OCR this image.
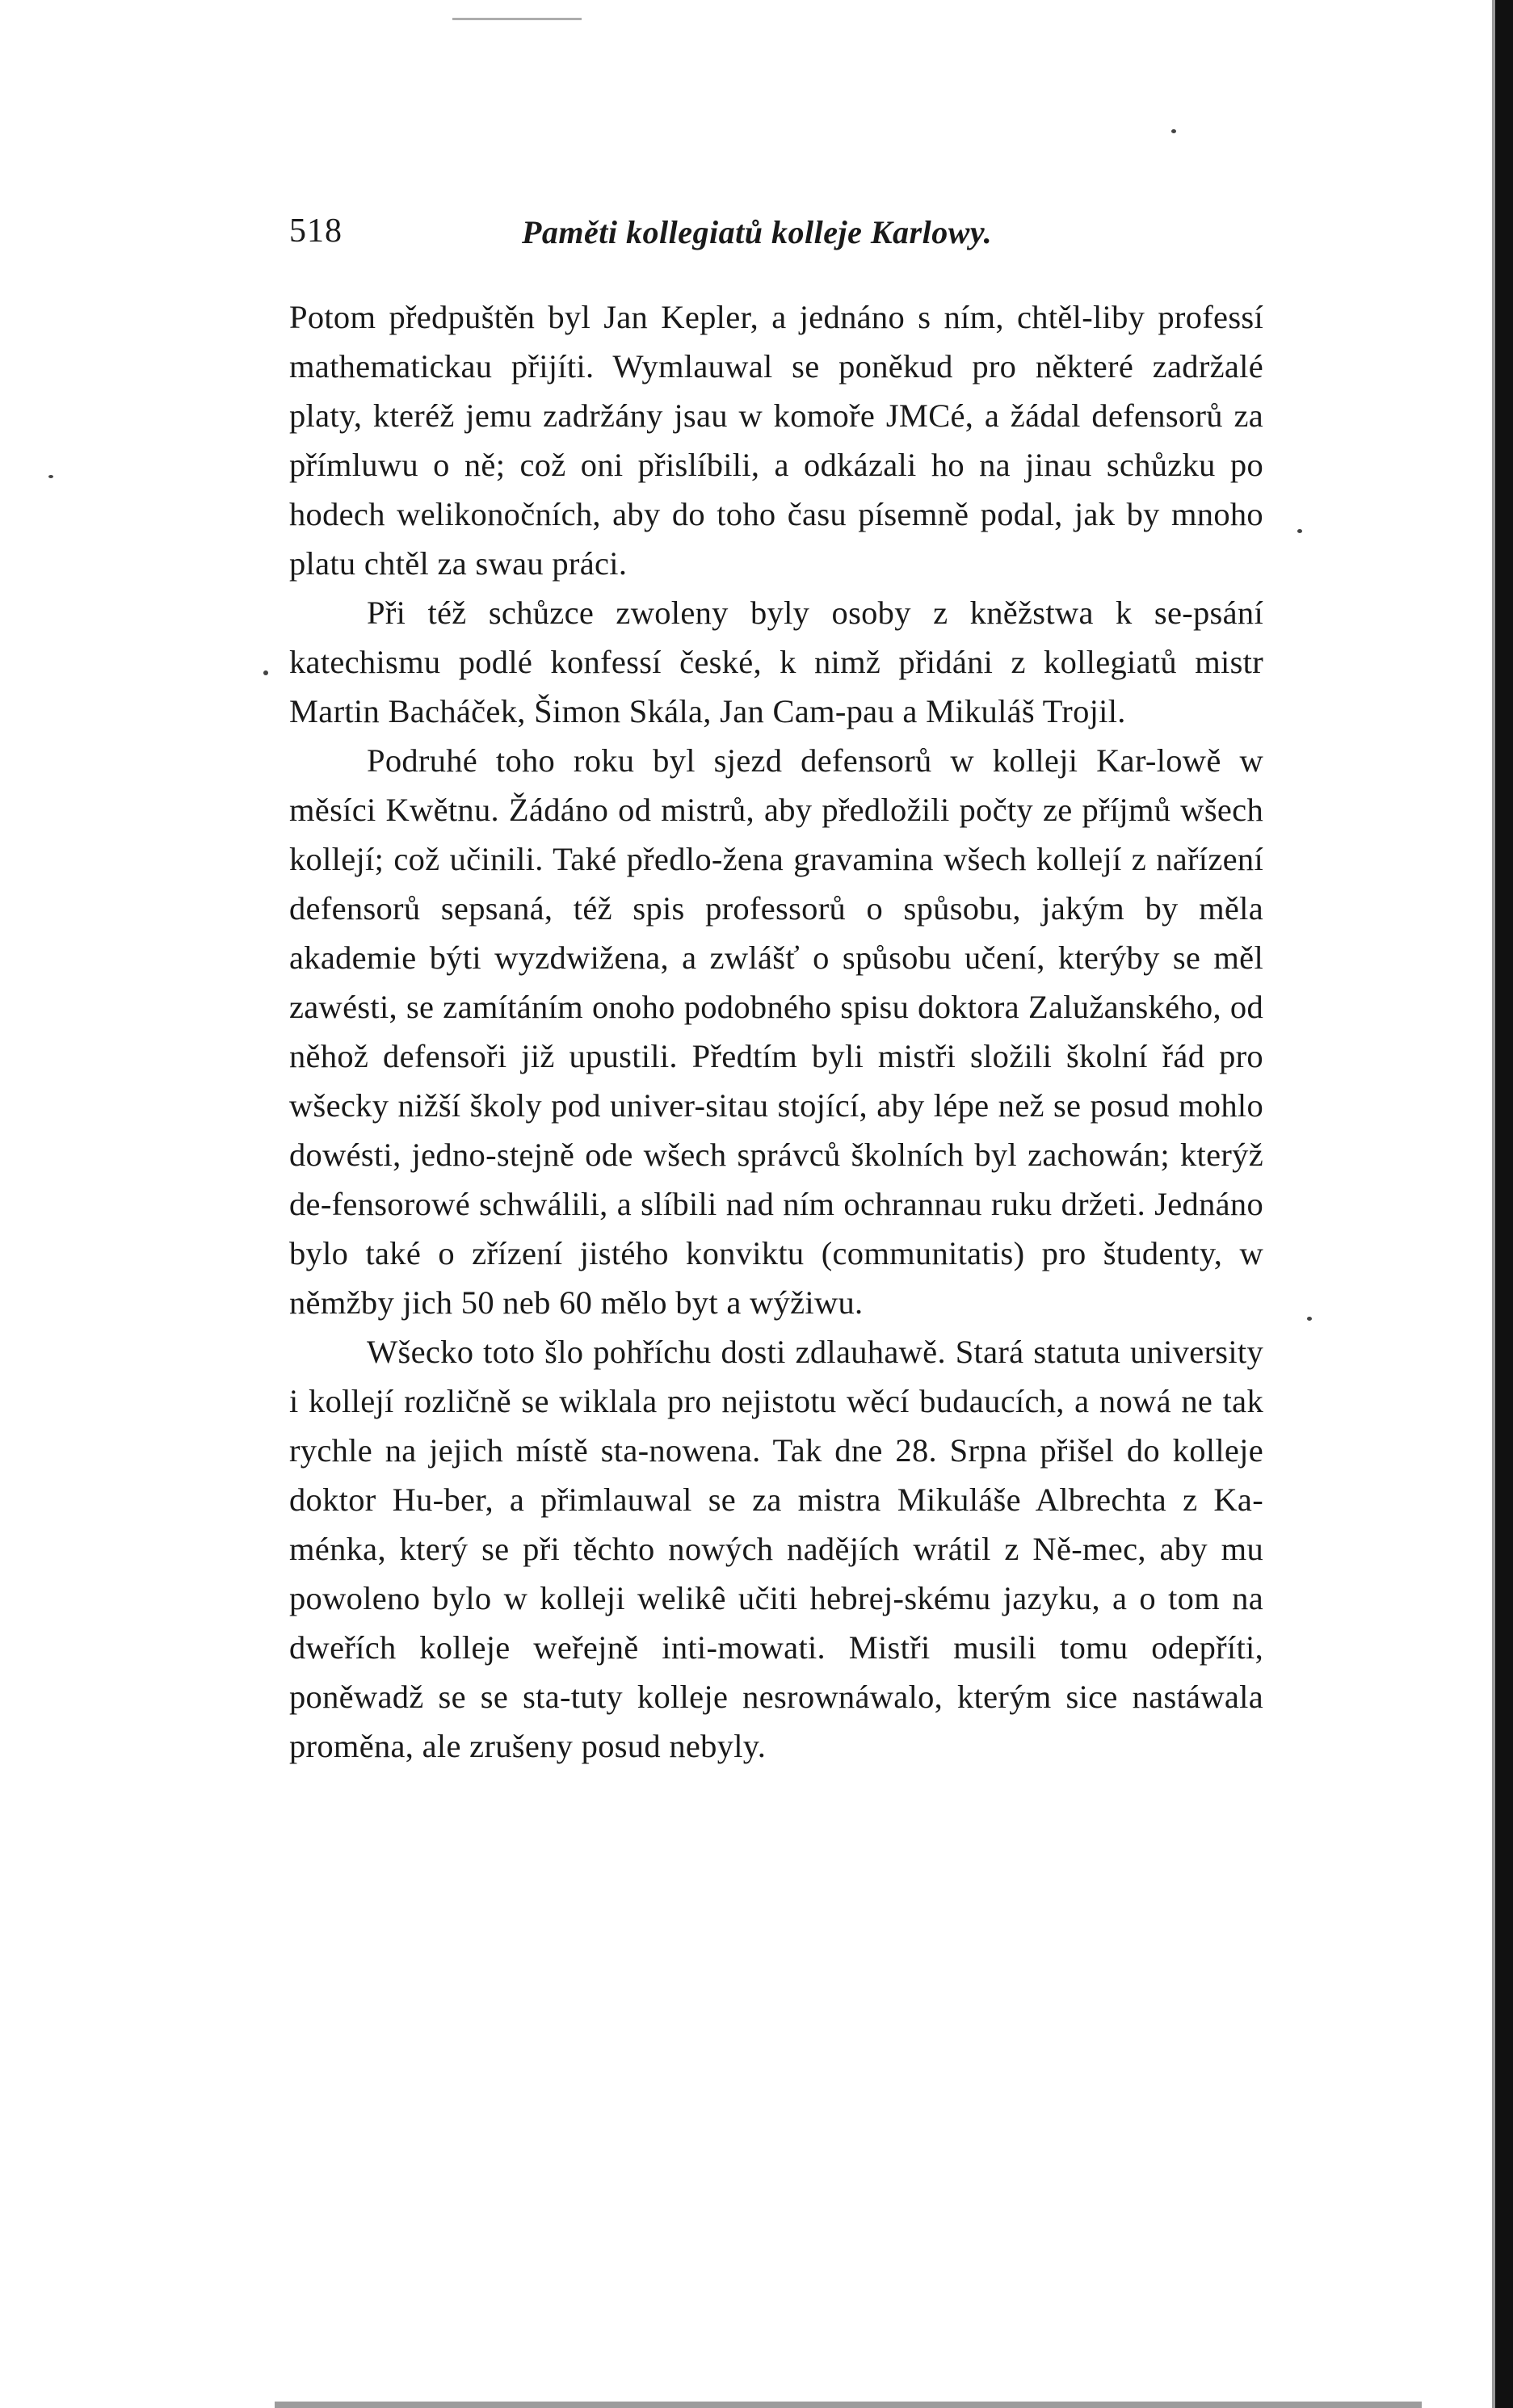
518	Paměti kollegiatů kolleje Karlowy.

Potom předpuštěn byl Jan Kepler, a jednáno s ním, chtěl-liby professí mathematickau přijíti. Wymlauwal se poněkud pro některé zadržalé platy, kteréž jemu zadržány jsau w komoře JMCé, a žádal defensorů za přímluwu o ně; což oni přislíbili, a odkázali ho na jinau schůzku po hodech welikonočních, aby do toho času písemně podal, jak by mnoho platu chtěl za swau práci.

Při též schůzce zwoleny byly osoby z kněžstwa k se-psání katechismu podlé konfessí české, k nimž přidáni z kollegiatů mistr Martin Bacháček, Šimon Skála, Jan Cam-pau a Mikuláš Trojil.

Podruhé toho roku byl sjezd defensorů w kolleji Kar-lowě w měsíci Kwětnu. Žádáno od mistrů, aby předložili počty ze příjmů wšech kollejí; což učinili. Také předlo-žena gravamina wšech kollejí z nařízení defensorů sepsaná, též spis professorů o spůsobu, jakým by měla akademie býti wyzdwižena, a zwlášť o spůsobu učení, kterýby se měl zawésti, se zamítáním onoho podobného spisu doktora Zalužanského, od něhož defensoři již upustili. Předtím byli mistři složili školní řád pro wšecky nižší školy pod univer-sitau stojící, aby lépe než se posud mohlo dowésti, jedno-stejně ode wšech správců školních byl zachowán; kterýž de-fensorowé schwálili, a slíbili nad ním ochrannau ruku držeti. Jednáno bylo také o zřízení jistého konviktu (communitatis) pro študenty, w němžby jich 50 neb 60 mělo byt a wýžiwu.

Wšecko toto šlo pohříchu dosti zdlauhawě. Stará statuta university i kollejí rozličně se wiklala pro nejistotu wěcí budaucích, a nowá ne tak rychle na jejich místě sta-nowena. Tak dne 28. Srpna přišel do kolleje doktor Hu-ber, a přimlauwal se za mistra Mikuláše Albrechta z Ka-ménka, který se při těchto nowých nadějích wrátil z Ně-mec, aby mu powoleno bylo w kolleji welikê učiti hebrej-skému jazyku, a o tom na dweřích kolleje weřejně inti-mowati. Mistři musili tomu odepříti, poněwadž se se sta-tuty kolleje nesrownáwalo, kterým sice nastáwala proměna, ale zrušeny posud nebyly.
